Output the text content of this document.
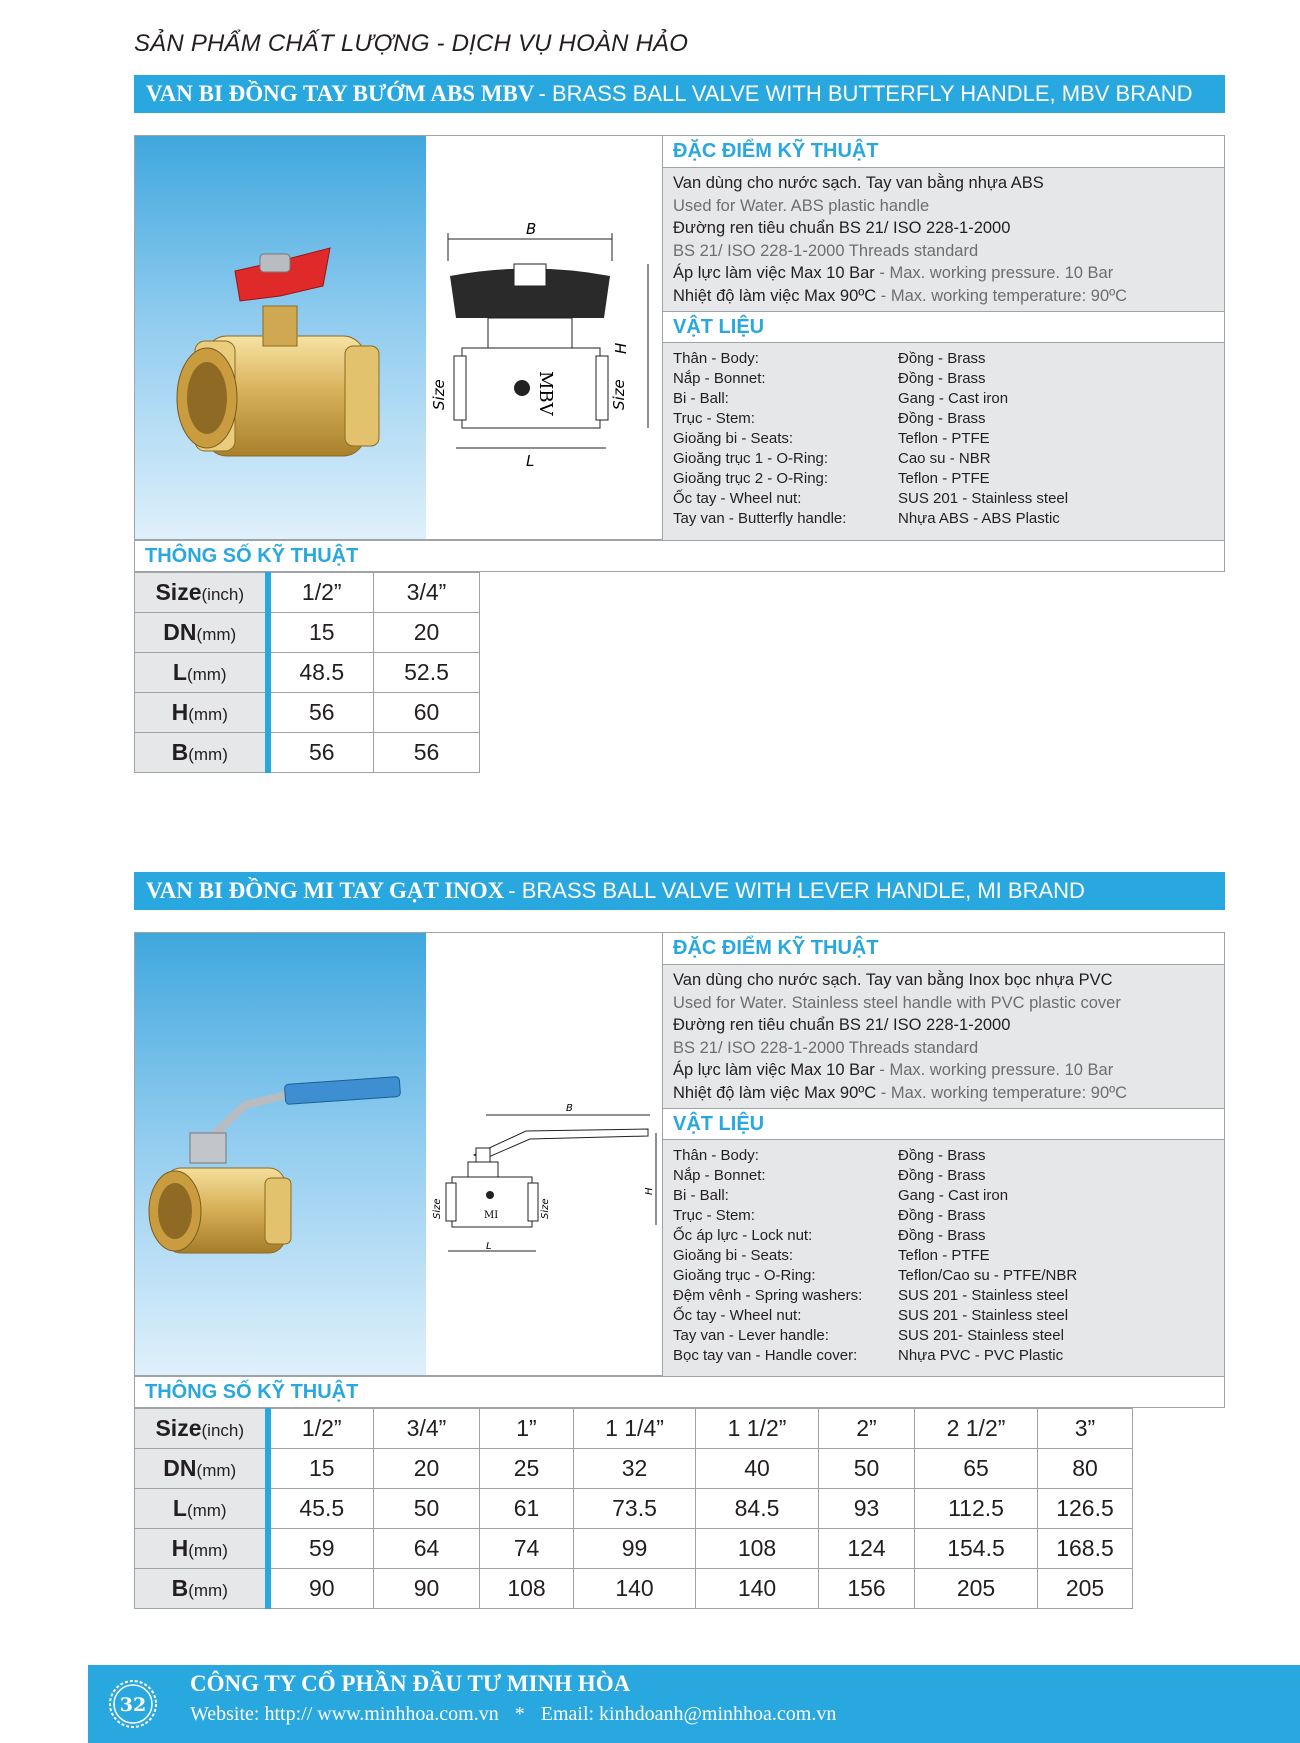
SẢN PHẨM CHẤT LƯỢNG - DỊCH VỤ HOÀN HẢO
VAN BI ĐỒNG TAY BƯỚM ABS MBV - BRASS BALL VALVE WITH BUTTERFLY HANDLE, MBV BRAND
B
MBV
L
H
Size	Size
ĐẶC ĐIỂM KỸ THUẬT
Van dùng cho nước sạch. Tay van bằng nhựa ABS
Used for Water. ABS plastic handle
Đường ren tiêu chuẩn BS 21/ ISO 228-1-2000
BS 21/ ISO 228-1-2000 Threads standard
Áp lực làm việc Max 10 Bar - Max. working pressure. 10 Bar
Nhiệt độ làm việc Max 90ºC - Max. working temperature: 90ºC
VẬT LIỆU
Thân - Body:	Đồng - Brass
Nắp - Bonnet:	Đồng - Brass
Bi - Ball:	Gang - Cast iron
Trục - Stem:	Đồng - Brass
Gioăng bi - Seats:	Teflon - PTFE
Gioăng trục 1 - O-Ring:	Cao su - NBR
Gioăng trục 2 - O-Ring:	Teflon - PTFE
Ốc tay - Wheel nut:	SUS 201 - Stainless steel
Tay van - Butterfly handle:	Nhựa ABS - ABS Plastic
THÔNG SỐ KỸ THUẬT
Size(inch)	1/2”	3/4”
DN(mm)	15	20
L(mm)	48.5	52.5
H(mm)	56	60
B(mm)	56	56
VAN BI ĐỒNG MI TAY GẠT INOX - BRASS BALL VALVE WITH LEVER HANDLE, MI BRAND
B
MI
L
H
Size	Size
ĐẶC ĐIỂM KỸ THUẬT
Van dùng cho nước sạch. Tay van bằng Inox bọc nhựa PVC
Used for Water. Stainless steel handle with PVC plastic cover
Đường ren tiêu chuẩn BS 21/ ISO 228-1-2000
BS 21/ ISO 228-1-2000 Threads standard
Áp lực làm việc Max 10 Bar - Max. working pressure. 10 Bar
Nhiệt độ làm việc Max 90ºC - Max. working temperature: 90ºC
VẬT LIỆU
Thân - Body:	Đồng - Brass
Nắp - Bonnet:	Đồng - Brass
Bi - Ball:	Gang - Cast iron
Trục - Stem:	Đồng - Brass
Ốc áp lực - Lock nut:	Đồng - Brass
Gioăng bi - Seats:	Teflon - PTFE
Gioăng trục - O-Ring:	Teflon/Cao su - PTFE/NBR
Đệm vênh - Spring washers:	SUS 201 - Stainless steel
Ốc tay - Wheel nut:	SUS 201 - Stainless steel
Tay van - Lever handle:	SUS 201- Stainless steel
Bọc tay van - Handle cover:	Nhựa PVC - PVC Plastic
THÔNG SỐ KỸ THUẬT
Size(inch)	1/2”	3/4”	1”	1 1/4”	1 1/2”	2”	2 1/2”	3”
DN(mm)	15	20	25	32	40	50	65	80
L(mm)	45.5	50	61	73.5	84.5	93	112.5	126.5
H(mm)	59	64	74	99	108	124	154.5	168.5
B(mm)	90	90	108	140	140	156	205	205
32
CÔNG TY CỔ PHẦN ĐẦU TƯ MINH HÒA
Website: http:// www.minhhoa.com.vn * Email: kinhdoanh@minhhoa.com.vn
